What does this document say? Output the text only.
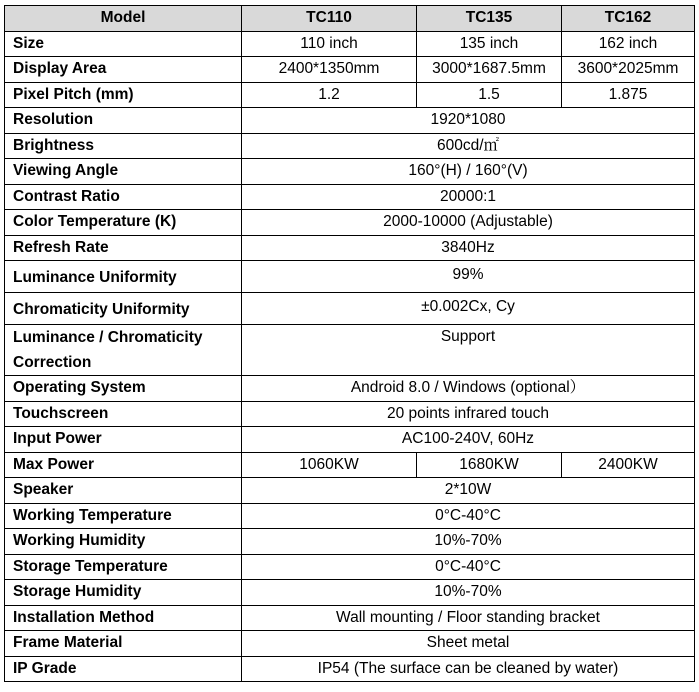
Model	TC110	TC135	TC162
Size	110 inch	135 inch	162 inch
Display Area	2400*1350mm	3000*1687.5mm	3600*2025mm
Pixel Pitch (mm)	1.2	1.5	1.875
Resolution	1920*1080		
Brightness	600cd/㎡		
Viewing Angle	160°(H) / 160°(V)		
Contrast Ratio	20000:1		
Color Temperature (K)	2000-10000 (Adjustable)		
Refresh Rate	3840Hz		
Luminance Uniformity	99%		
Chromaticity Uniformity	±0.002Cx, Cy		
Luminance / Chromaticity Correction	Support		
Operating System	Android 8.0 / Windows (optional）		
Touchscreen	20 points infrared touch		
Input Power	AC100-240V, 60Hz		
Max Power	1060KW	1680KW	2400KW
Speaker	2*10W		
Working Temperature	0°C-40°C		
Working Humidity	10%-70%		
Storage Temperature	0°C-40°C		
Storage Humidity	10%-70%		
Installation Method	Wall mounting / Floor standing bracket		
Frame Material	Sheet metal		
IP Grade	IP54 (The surface can be cleaned by water)		
